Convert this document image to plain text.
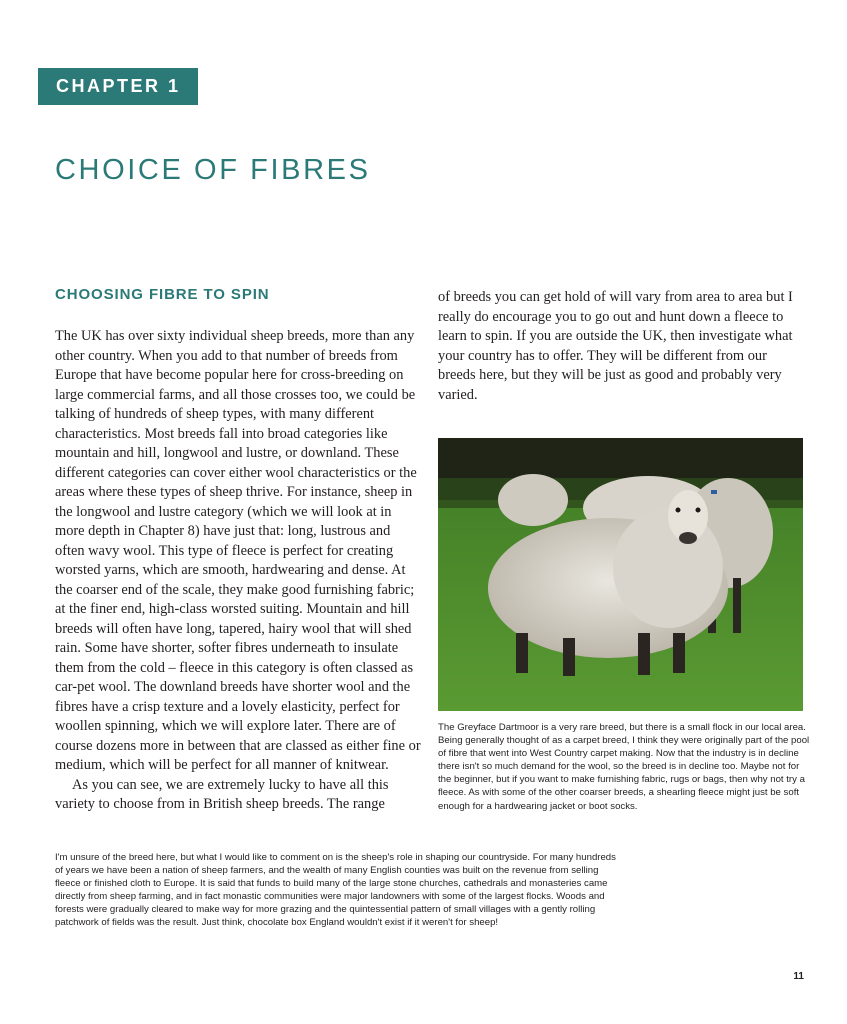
CHAPTER 1
CHOICE OF FIBRES
CHOOSING FIBRE TO SPIN

The UK has over sixty individual sheep breeds, more than any other country. When you add to that number of breeds from Europe that have become popular here for cross-breeding on large commercial farms, and all those crosses too, we could be talking of hundreds of sheep types, with many different characteristics. Most breeds fall into broad categories like mountain and hill, longwool and lustre, or downland. These different categories can cover either wool characteristics or the areas where these types of sheep thrive. For instance, sheep in the longwool and lustre category (which we will look at in more depth in Chapter 8) have just that: long, lustrous and often wavy wool. This type of fleece is perfect for creating worsted yarns, which are smooth, hardwearing and dense. At the coarser end of the scale, they make good furnishing fabric; at the finer end, high-class worsted suiting. Mountain and hill breeds will often have long, tapered, hairy wool that will shed rain. Some have shorter, softer fibres underneath to insulate them from the cold – fleece in this category is often classed as car-pet wool. The downland breeds have shorter wool and the fibres have a crisp texture and a lovely elasticity, perfect for woollen spinning, which we will explore later. There are of course dozens more in between that are classed as either fine or medium, which will be perfect for all manner of knitwear.

As you can see, we are extremely lucky to have all this variety to choose from in British sheep breeds. The range

of breeds you can get hold of will vary from area to area but I really do encourage you to go out and hunt down a fleece to learn to spin. If you are outside the UK, then investigate what your country has to offer. They will be different from our breeds here, but they will be just as good and probably very varied.

The Greyface Dartmoor is a very rare breed, but there is a small flock in our local area. Being generally thought of as a carpet breed, I think they were originally part of the pool of fibre that went into West Country carpet making. Now that the industry is in decline there isn't so much demand for the wool, so the breed is in decline too. Maybe not for the beginner, but if you want to make furnishing fabric, rugs or bags, then why not try a fleece. As with some of the other coarser breeds, a shearling fleece might just be soft enough for a hardwearing jacket or boot socks.

I'm unsure of the breed here, but what I would like to comment on is the sheep's role in shaping our countryside. For many hundreds of years we have been a nation of sheep farmers, and the wealth of many English counties was built on the revenue from selling fleece or finished cloth to Europe. It is said that funds to build many of the large stone churches, cathedrals and monasteries came directly from sheep farming, and in fact monastic communities were major landowners with some of the largest flocks. Woods and forests were gradually cleared to make way for more grazing and the quintessential pattern of small villages with a gently rolling patchwork of fields was the result. Just think, chocolate box England wouldn't exist if it weren't for sheep!

11
